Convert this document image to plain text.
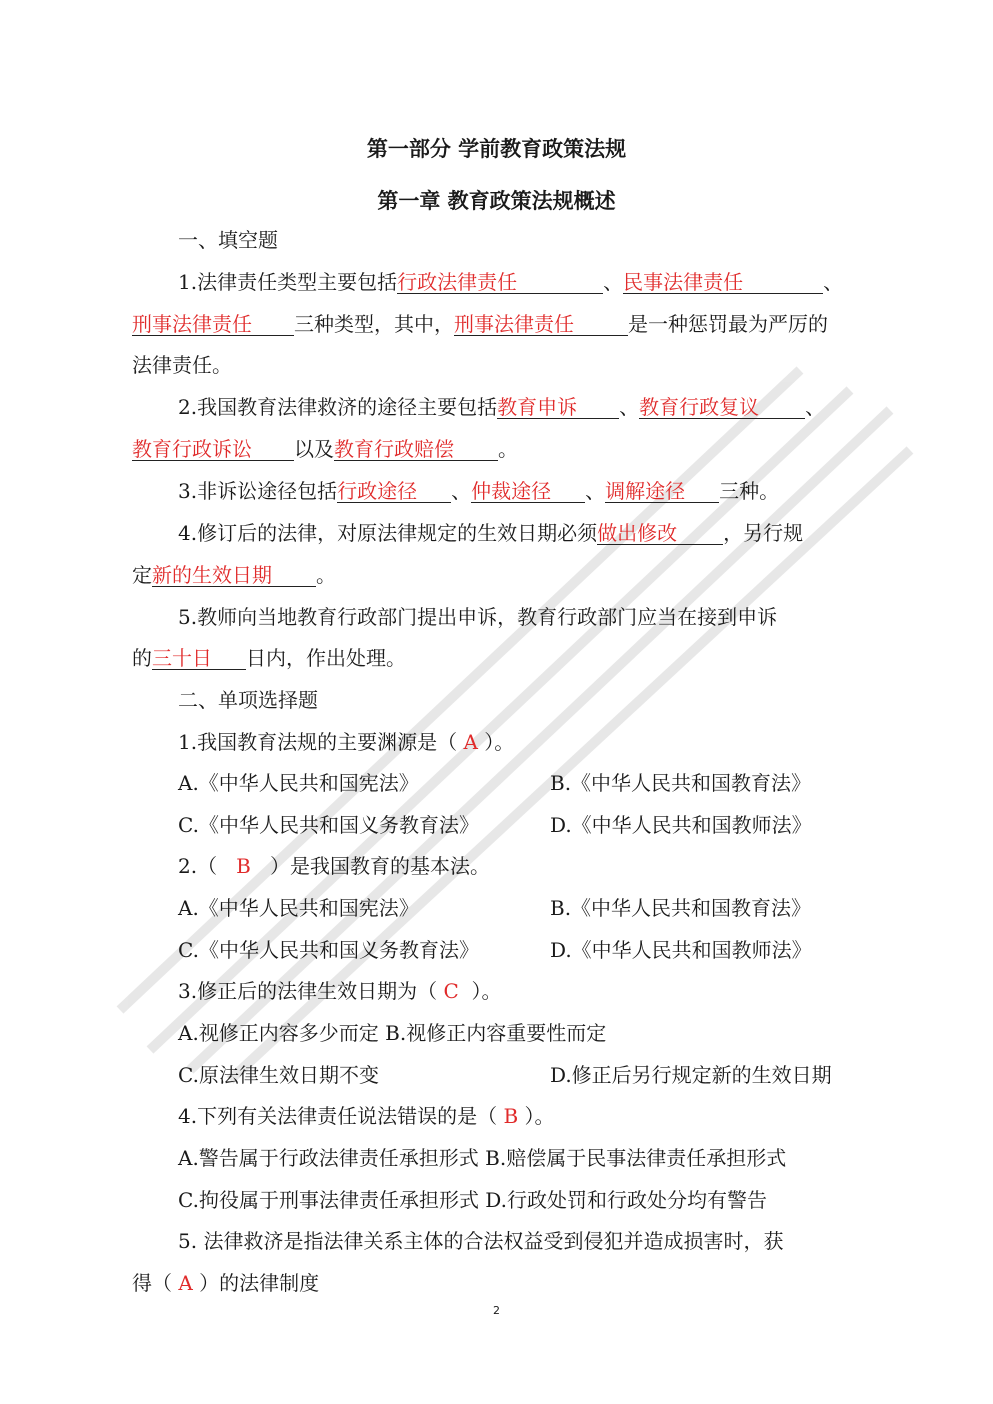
第一部分 学前教育政策法规
第一章 教育政策法规概述
一、填空题
1.法律责任类型主要包括行政法律责任	、民事法律责任	、
刑事法律责任 三种类型，其中，刑事法律责任	是一种惩罚最为严厉的
法律责任。
2.我国教育法律救济的途径主要包括教育申诉 、教育行政复议 、
教育行政诉讼 以及教育行政赔偿 。
3.非诉讼途径包括行政途径 、仲裁途径 、调解途径 三种。
4.修订后的法律，对原法律规定的生效日期必须做出修改 ，另行规
定新的生效日期 。
5.教师向当地教育行政部门提出申诉，教育行政部门应当在接到申诉
的三十日 日内，作出处理。
二、单项选择题
1.我国教育法规的主要渊源是（ A ）。
A.《中华人民共和国宪法》	B.《中华人民共和国教育法》
C.《中华人民共和国义务教育法》	D.《中华人民共和国教师法》
2.（ B ）是我国教育的基本法。
A.《中华人民共和国宪法》	B.《中华人民共和国教育法》
C.《中华人民共和国义务教育法》	D.《中华人民共和国教师法》
3.修正后的法律生效日期为（ C ）。
A.视修正内容多少而定 B.视修正内容重要性而定
C.原法律生效日期不变	D.修正后另行规定新的生效日期
4.下列有关法律责任说法错误的是（ B ）。
A.警告属于行政法律责任承担形式 B.赔偿属于民事法律责任承担形式
C.拘役属于刑事法律责任承担形式 D.行政处罚和行政处分均有警告
5. 法律救济是指法律关系主体的合法权益受到侵犯并造成损害时，获
得（ A ）的法律制度
2
